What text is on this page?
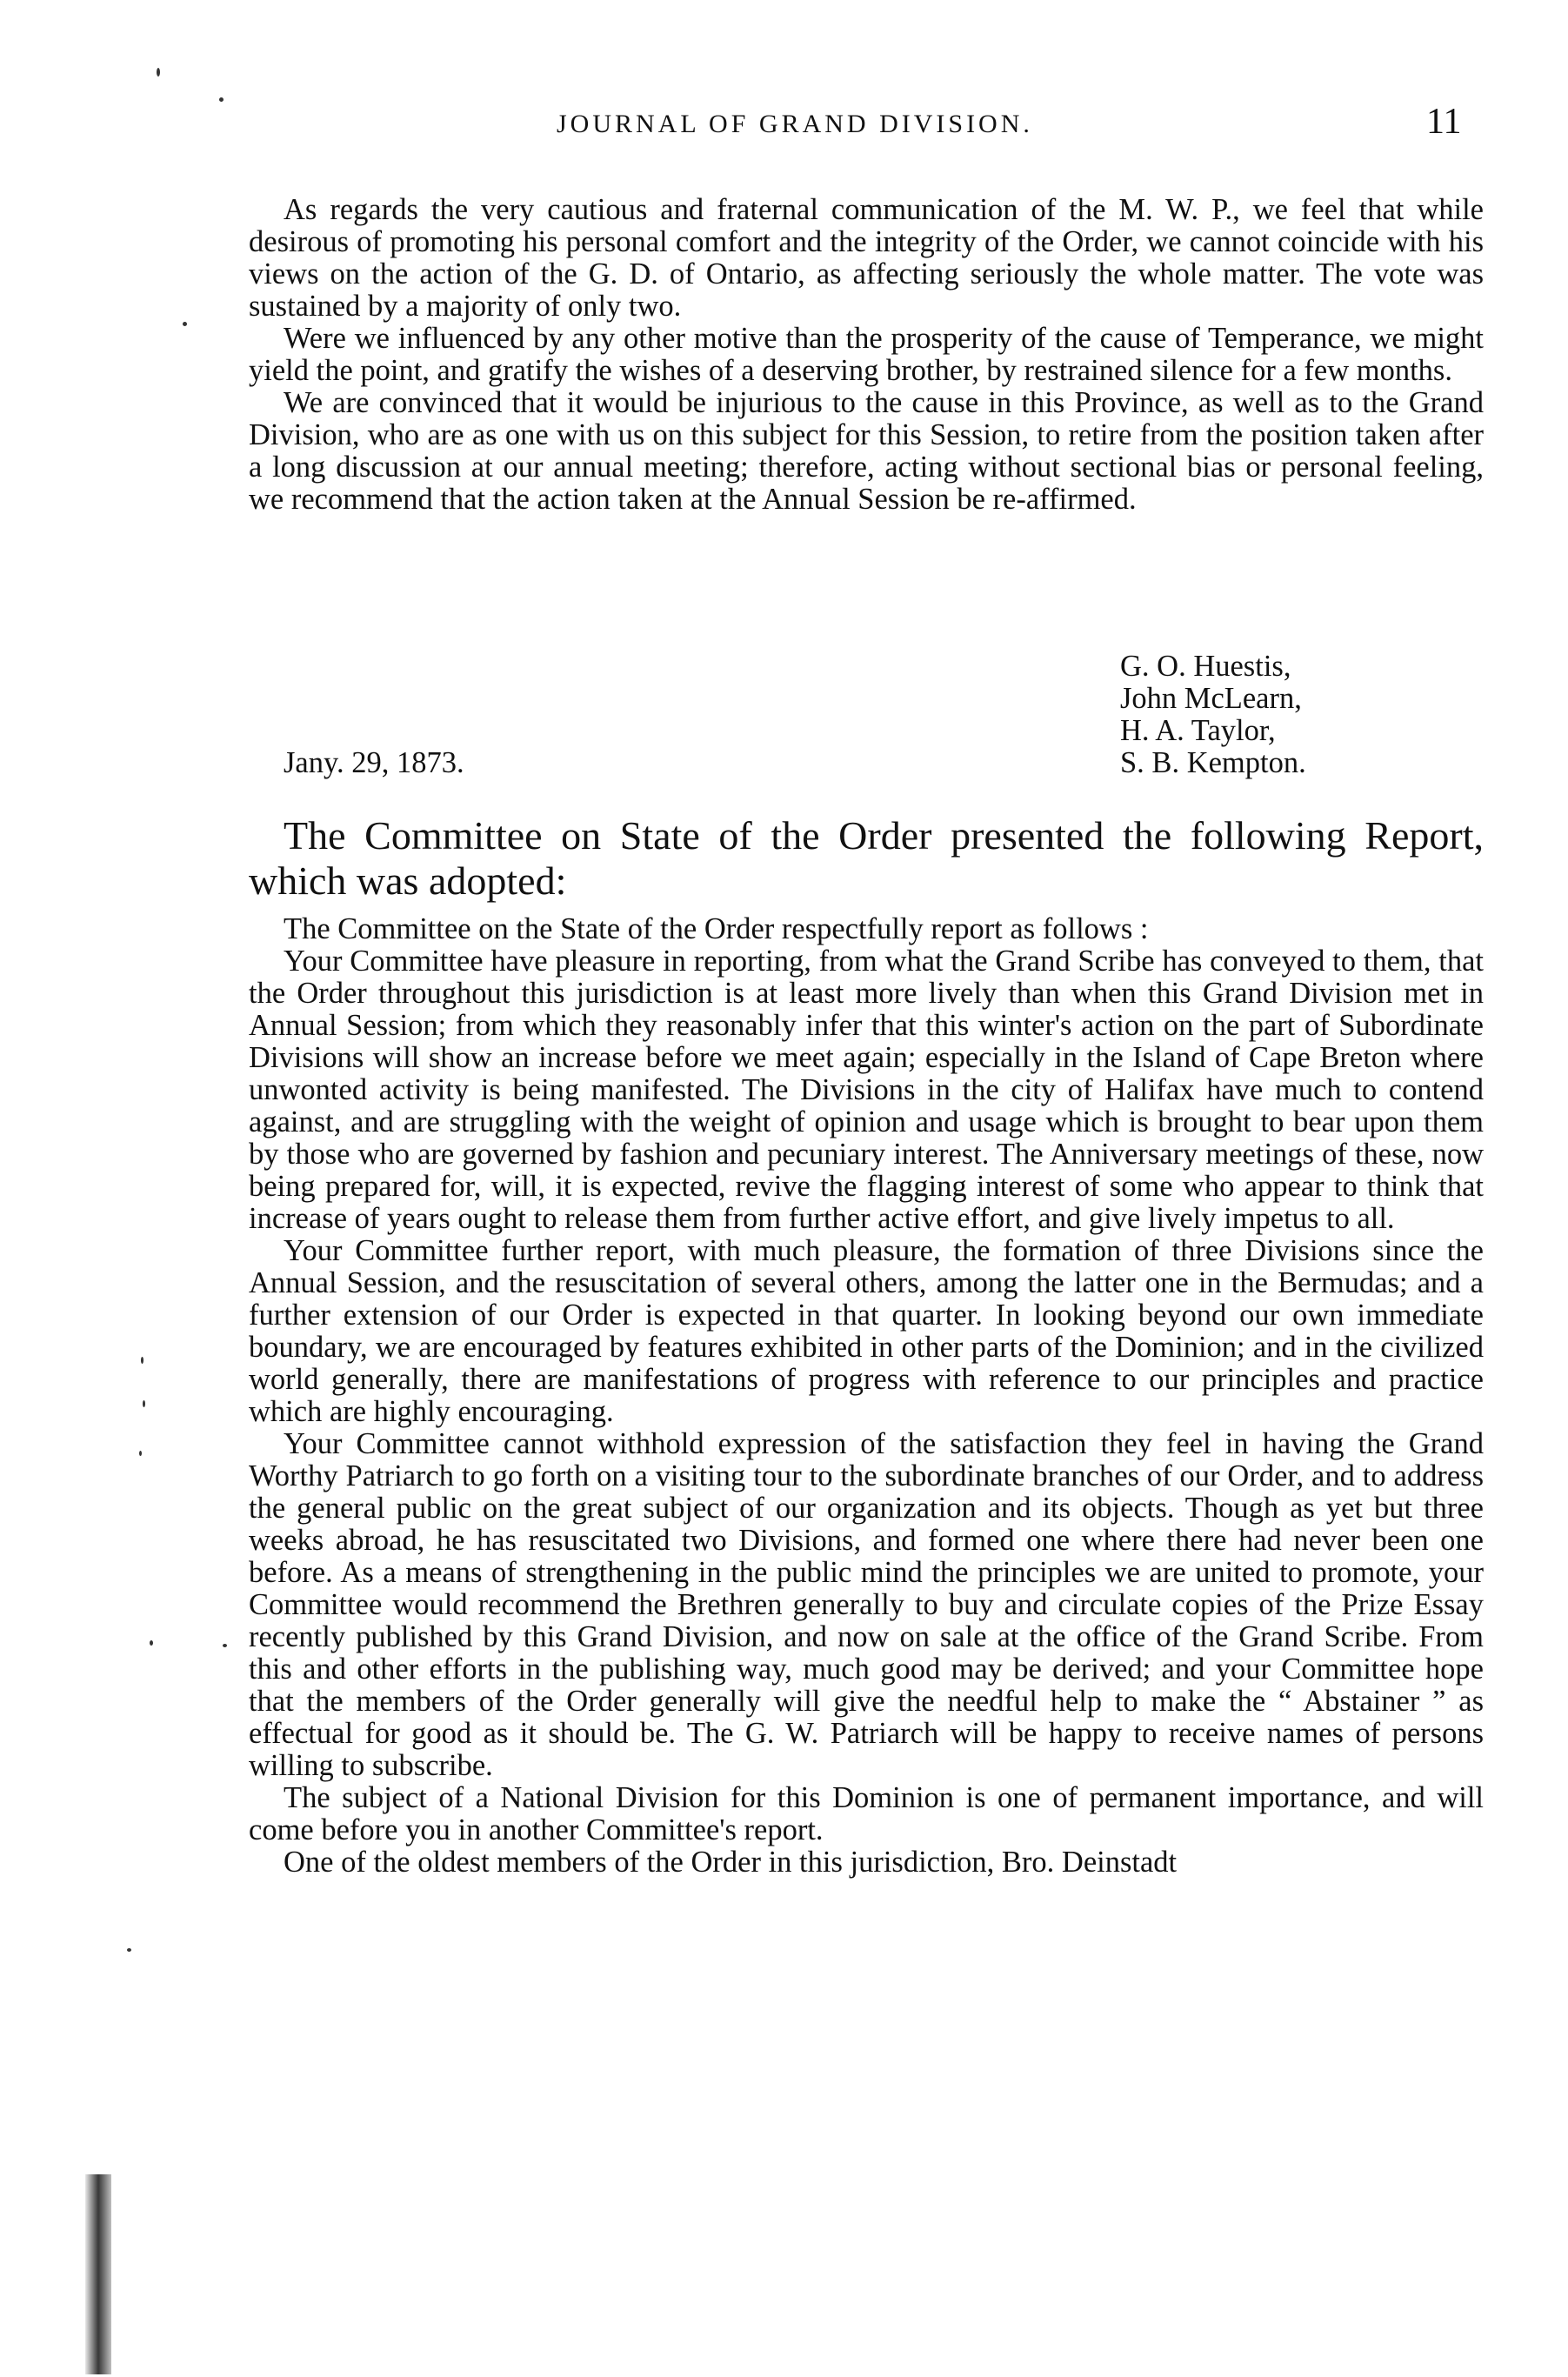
JOURNAL OF GRAND DIVISION.	11

As regards the very cautious and fraternal communication of the M. W. P., we feel that while desirous of promoting his personal comfort and the integrity of the Order, we cannot coincide with his views on the action of the G. D. of Ontario, as affecting seriously the whole matter. The vote was sustained by a majority of only two.

Were we influenced by any other motive than the prosperity of the cause of Temperance, we might yield the point, and gratify the wishes of a deserving brother, by restrained silence for a few months.

We are convinced that it would be injurious to the cause in this Province, as well as to the Grand Division, who are as one with us on this subject for this Session, to retire from the position taken after a long discussion at our annual meeting; therefore, acting without sectional bias or personal feeling, we recommend that the action taken at the Annual Session be re-affirmed.

G. O. Huestis,
John McLearn,
H. A. Taylor,
S. B. Kempton.
Jany. 29, 1873.
The Committee on State of the Order presented the following Report, which was adopted:

The Committee on the State of the Order respectfully report as follows :

Your Committee have pleasure in reporting, from what the Grand Scribe has conveyed to them, that the Order throughout this jurisdiction is at least more lively than when this Grand Division met in Annual Session; from which they reasonably infer that this winter's action on the part of Subordinate Divisions will show an increase before we meet again; especially in the Island of Cape Breton where unwonted activity is being manifested. The Divisions in the city of Halifax have much to contend against, and are struggling with the weight of opinion and usage which is brought to bear upon them by those who are governed by fashion and pecuniary interest. The Anniversary meetings of these, now being prepared for, will, it is expected, revive the flagging interest of some who appear to think that increase of years ought to release them from further active effort, and give lively impetus to all.

Your Committee further report, with much pleasure, the formation of three Divisions since the Annual Session, and the resuscitation of several others, among the latter one in the Bermudas; and a further extension of our Order is expected in that quarter. In looking beyond our own immediate boundary, we are encouraged by features exhibited in other parts of the Dominion; and in the civilized world generally, there are manifestations of progress with reference to our principles and practice which are highly encouraging.

Your Committee cannot withhold expression of the satisfaction they feel in having the Grand Worthy Patriarch to go forth on a visiting tour to the subordinate branches of our Order, and to address the general public on the great subject of our organization and its objects. Though as yet but three weeks abroad, he has resuscitated two Divisions, and formed one where there had never been one before. As a means of strengthening in the public mind the principles we are united to promote, your Committee would recommend the Brethren generally to buy and circulate copies of the Prize Essay recently published by this Grand Division, and now on sale at the office of the Grand Scribe. From this and other efforts in the publishing way, much good may be derived; and your Committee hope that the members of the Order generally will give the needful help to make the “ Abstainer ” as effectual for good as it should be. The G. W. Patriarch will be happy to receive names of persons willing to subscribe.

The subject of a National Division for this Dominion is one of permanent importance, and will come before you in another Committee's report.

One of the oldest members of the Order in this jurisdiction, Bro. Deinstadt
